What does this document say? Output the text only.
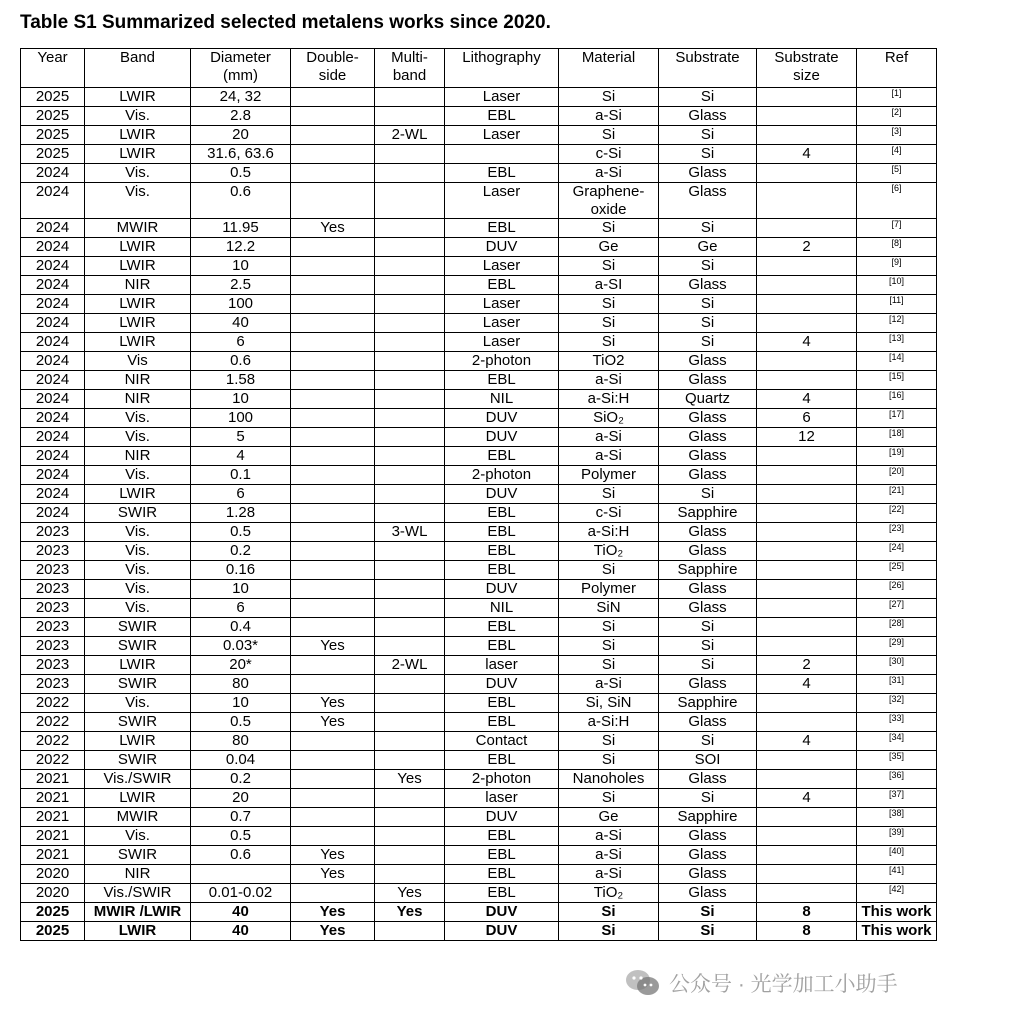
Table S1 Summarized selected metalens works since 2020.
Year	Band	Diameter (mm)	Double-side	Multi-band	Lithography	Material	Substrate	Substrate size	Ref
2025	LWIR	24, 32			Laser	Si	Si		[1]
2025	Vis.	2.8			EBL	a-Si	Glass		[2]
2025	LWIR	20		2-WL	Laser	Si	Si		[3]
2025	LWIR	31.6, 63.6				c-Si	Si	4	[4]
2024	Vis.	0.5			EBL	a-Si	Glass		[5]
2024	Vis.	0.6			Laser	Graphene-oxide	Glass		[6]
2024	MWIR	11.95	Yes		EBL	Si	Si		[7]
2024	LWIR	12.2			DUV	Ge	Ge	2	[8]
2024	LWIR	10			Laser	Si	Si		[9]
2024	NIR	2.5			EBL	a-SI	Glass		[10]
2024	LWIR	100			Laser	Si	Si		[11]
2024	LWIR	40			Laser	Si	Si		[12]
2024	LWIR	6			Laser	Si	Si	4	[13]
2024	Vis	0.6			2-photon	TiO2	Glass		[14]
2024	NIR	1.58			EBL	a-Si	Glass		[15]
2024	NIR	10			NIL	a-Si:H	Quartz	4	[16]
2024	Vis.	100			DUV	SiO₂	Glass	6	[17]
2024	Vis.	5			DUV	a-Si	Glass	12	[18]
2024	NIR	4			EBL	a-Si	Glass		[19]
2024	Vis.	0.1			2-photon	Polymer	Glass		[20]
2024	LWIR	6			DUV	Si	Si		[21]
2024	SWIR	1.28			EBL	c-Si	Sapphire		[22]
2023	Vis.	0.5		3-WL	EBL	a-Si:H	Glass		[23]
2023	Vis.	0.2			EBL	TiO₂	Glass		[24]
2023	Vis.	0.16			EBL	Si	Sapphire		[25]
2023	Vis.	10			DUV	Polymer	Glass		[26]
2023	Vis.	6			NIL	SiN	Glass		[27]
2023	SWIR	0.4			EBL	Si	Si		[28]
2023	SWIR	0.03*	Yes		EBL	Si	Si		[29]
2023	LWIR	20*		2-WL	laser	Si	Si	2	[30]
2023	SWIR	80			DUV	a-Si	Glass	4	[31]
2022	Vis.	10	Yes		EBL	Si, SiN	Sapphire		[32]
2022	SWIR	0.5	Yes		EBL	a-Si:H	Glass		[33]
2022	LWIR	80			Contact	Si	Si	4	[34]
2022	SWIR	0.04			EBL	Si	SOI		[35]
2021	Vis./SWIR	0.2		Yes	2-photon	Nanoholes	Glass		[36]
2021	LWIR	20			laser	Si	Si	4	[37]
2021	MWIR	0.7			DUV	Ge	Sapphire		[38]
2021	Vis.	0.5			EBL	a-Si	Glass		[39]
2021	SWIR	0.6	Yes		EBL	a-Si	Glass		[40]
2020	NIR		Yes		EBL	a-Si	Glass		[41]
2020	Vis./SWIR	0.01-0.02		Yes	EBL	TiO₂	Glass		[42]
2025	MWIR /LWIR	40	Yes	Yes	DUV	Si	Si	8	This work
2025	LWIR	40	Yes		DUV	Si	Si	8	This work
公众号 · 光学加工小助手
